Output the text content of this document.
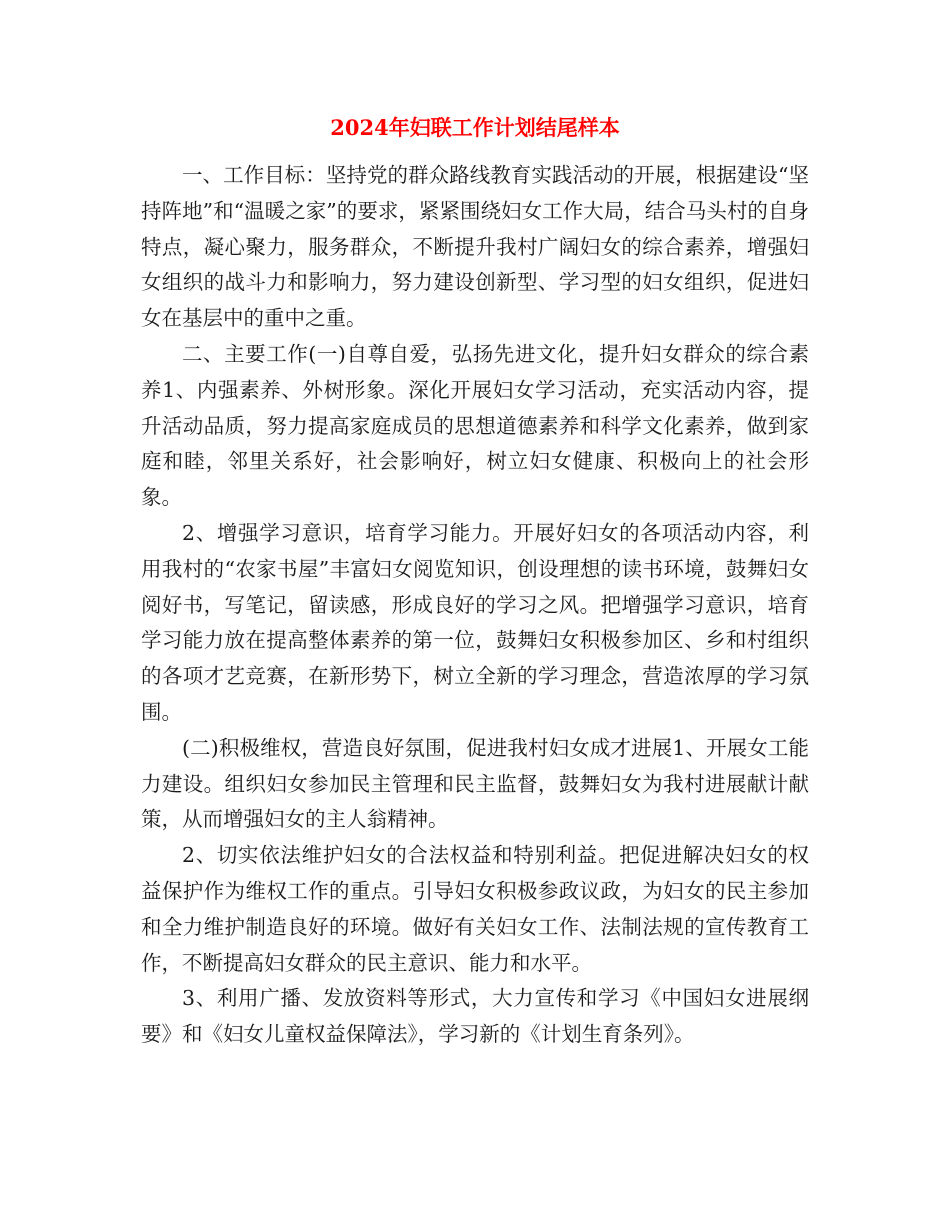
2024年妇联工作计划结尾样本

一、工作目标：坚持党的群众路线教育实践活动的开展，根据建设“坚持阵地”和“温暖之家”的要求，紧紧围绕妇女工作大局，结合马头村的自身特点，凝心聚力，服务群众，不断提升我村广阔妇女的综合素养，增强妇女组织的战斗力和影响力，努力建设创新型、学习型的妇女组织，促进妇女在基层中的重中之重。

二、主要工作(一)自尊自爱，弘扬先进文化，提升妇女群众的综合素养1、内强素养、外树形象。深化开展妇女学习活动，充实活动内容，提升活动品质，努力提高家庭成员的思想道德素养和科学文化素养，做到家庭和睦，邻里关系好，社会影响好，树立妇女健康、积极向上的社会形象。

2、增强学习意识，培育学习能力。开展好妇女的各项活动内容，利用我村的“农家书屋”丰富妇女阅览知识，创设理想的读书环境，鼓舞妇女阅好书，写笔记，留读感，形成良好的学习之风。把增强学习意识，培育学习能力放在提高整体素养的第一位，鼓舞妇女积极参加区、乡和村组织的各项才艺竞赛，在新形势下，树立全新的学习理念，营造浓厚的学习氛围。

(二)积极维权，营造良好氛围，促进我村妇女成才进展1、开展女工能力建设。组织妇女参加民主管理和民主监督，鼓舞妇女为我村进展献计献策，从而增强妇女的主人翁精神。

2、切实依法维护妇女的合法权益和特别利益。把促进解决妇女的权益保护作为维权工作的重点。引导妇女积极参政议政，为妇女的民主参加和全力维护制造良好的环境。做好有关妇女工作、法制法规的宣传教育工作，不断提高妇女群众的民主意识、能力和水平。

3、利用广播、发放资料等形式，大力宣传和学习《中国妇女进展纲要》和《妇女儿童权益保障法》，学习新的《计划生育条列》。
